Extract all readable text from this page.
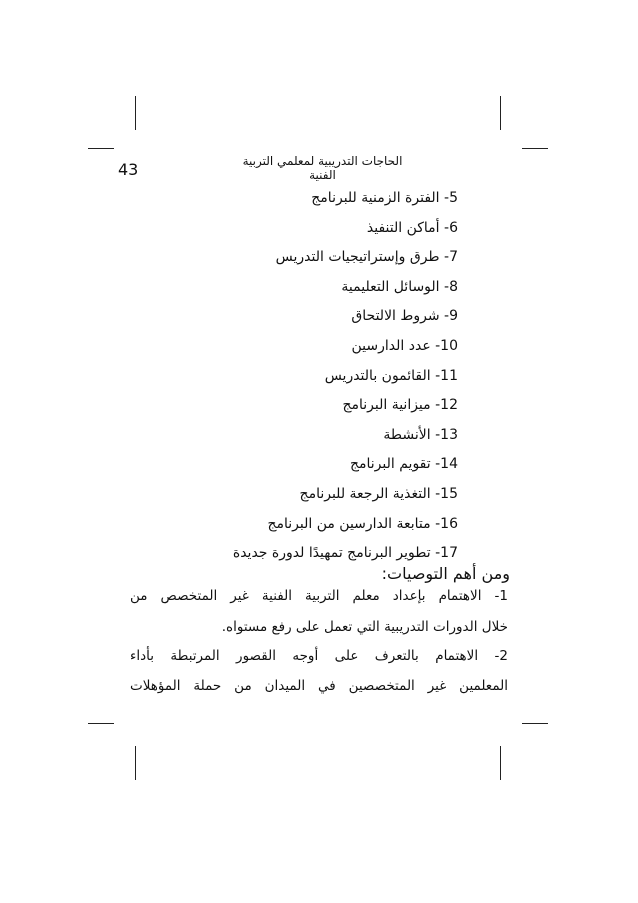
43	الحاجات التدريبية لمعلمي التربية الفنية
5- الفترة الزمنية للبرنامج
6- أماكن التنفيذ
7- طرق وإستراتيجيات التدريس
8- الوسائل التعليمية
9- شروط الالتحاق
10- عدد الدارسين
11- القائمون بالتدريس
12- ميزانية البرنامج
13- الأنشطة
14- تقويم البرنامج
15- التغذية الرجعة للبرنامج
16- متابعة الدارسين من البرنامج
17- تطوير البرنامج تمهيدًا لدورة جديدة
ومن أهم التوصيات:
1- الاهتمام بإعداد معلم التربية الفنية غير المتخصص من
خلال الدورات التدريبية التي تعمل على رفع مستواه.
2- الاهتمام بالتعرف على أوجه القصور المرتبطة بأداء
المعلمين غير المتخصصين في الميدان من حملة المؤهلات
